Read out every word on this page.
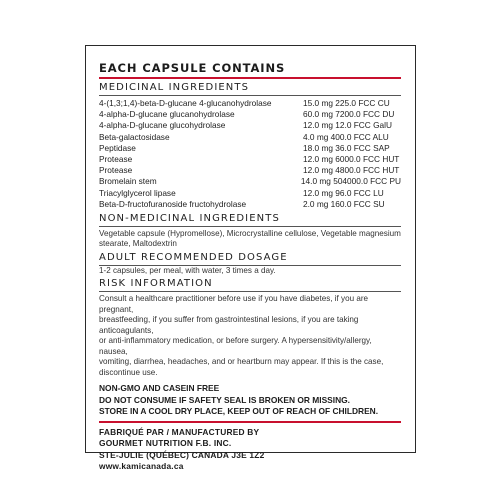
EACH CAPSULE CONTAINS
MEDICINAL INGREDIENTS
4-(1,3;1,4)-beta-D-glucane 4-glucanohydrolase	15.0 mg 225.0 FCC CU
4-alpha-D-glucane glucanohydrolase	60.0 mg 7200.0 FCC DU
4-alpha-D-glucane glucohydrolase	12.0 mg 12.0 FCC GalU
Beta-galactosidase	4.0 mg 400.0 FCC ALU
Peptidase	18.0 mg 36.0 FCC SAP
Protease	12.0 mg 6000.0 FCC HUT
Protease	12.0 mg 4800.0 FCC HUT
Bromelain stem	14.0 mg 504000.0 FCC PU
Triacylglycerol lipase	12.0 mg 96.0 FCC LU
Beta-D-fructofuranoside fructohydrolase	2.0 mg 160.0 FCC SU
NON-MEDICINAL INGREDIENTS
Vegetable capsule (Hypromellose), Microcrystalline cellulose, Vegetable magnesium
stearate, Maltodextrin
ADULT RECOMMENDED DOSAGE
1-2 capsules, per meal, with water, 3 times a day.
RISK INFORMATION
Consult a healthcare practitioner before use if you have diabetes, if you are pregnant,
breastfeeding, if you suffer from gastrointestinal lesions, if you are taking anticoagulants,
or anti-inflammatory medication, or before surgery. A hypersensitivity/allergy, nausea,
vomiting, diarrhea, headaches, and or heartburn may appear. If this is the case,
discontinue use.
NON-GMO AND CASEIN FREE
DO NOT CONSUME IF SAFETY SEAL IS BROKEN OR MISSING.
STORE IN A COOL DRY PLACE, KEEP OUT OF REACH OF CHILDREN.
FABRIQUÉ PAR / MANUFACTURED BY
GOURMET NUTRITION F.B. INC.
STE-JULIE (QUÉBEC) CANADA J3E 1Z2
www.kamicanada.ca
